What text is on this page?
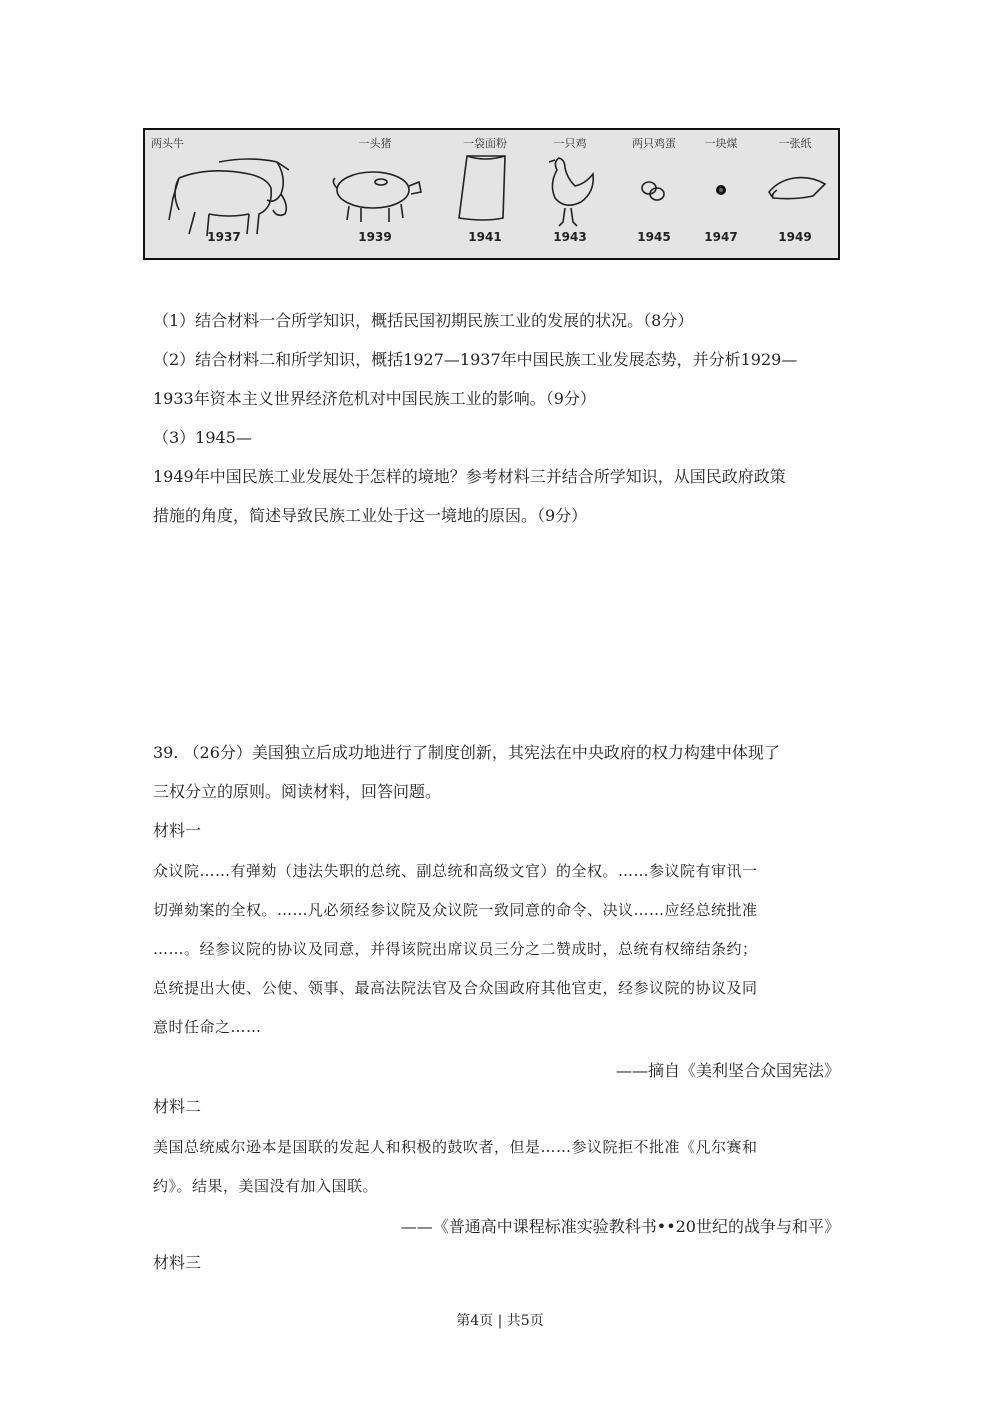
两头牛
1937
一头猪
1939
一袋面粉
1941
一只鸡
1943
两只鸡蛋
1945
一块煤
1947
一张纸
1949
（1）结合材料一合所学知识，概括民国初期民族工业的发展的状况。（8分）
（2）结合材料二和所学知识，概括1927—1937年中国民族工业发展态势，并分析1929—
1933年资本主义世界经济危机对中国民族工业的影响。（9分）
（3）1945—
1949年中国民族工业发展处于怎样的境地？参考材料三并结合所学知识，从国民政府政策
措施的角度，简述导致民族工业处于这一境地的原因。（9分）
39. （26分）美国独立后成功地进行了制度创新，其宪法在中央政府的权力构建中体现了
三权分立的原则。阅读材料，回答问题。
材料一
众议院……有弹劾（违法失职的总统、副总统和高级文官）的全权。……参议院有审讯一
切弹劾案的全权。……凡必须经参议院及众议院一致同意的命令、决议……应经总统批准
……。经参议院的协议及同意，并得该院出席议员三分之二赞成时，总统有权缔结条约；
总统提出大使、公使、领事、最高法院法官及合众国政府其他官吏，经参议院的协议及同
意时任命之……
——摘自《美利坚合众国宪法》
材料二
美国总统威尔逊本是国联的发起人和积极的鼓吹者，但是……参议院拒不批准《凡尔赛和
约》。结果，美国没有加入国联。
——《普通高中课程标准实验教科书••20世纪的战争与和平》
材料三
第4页 | 共5页
